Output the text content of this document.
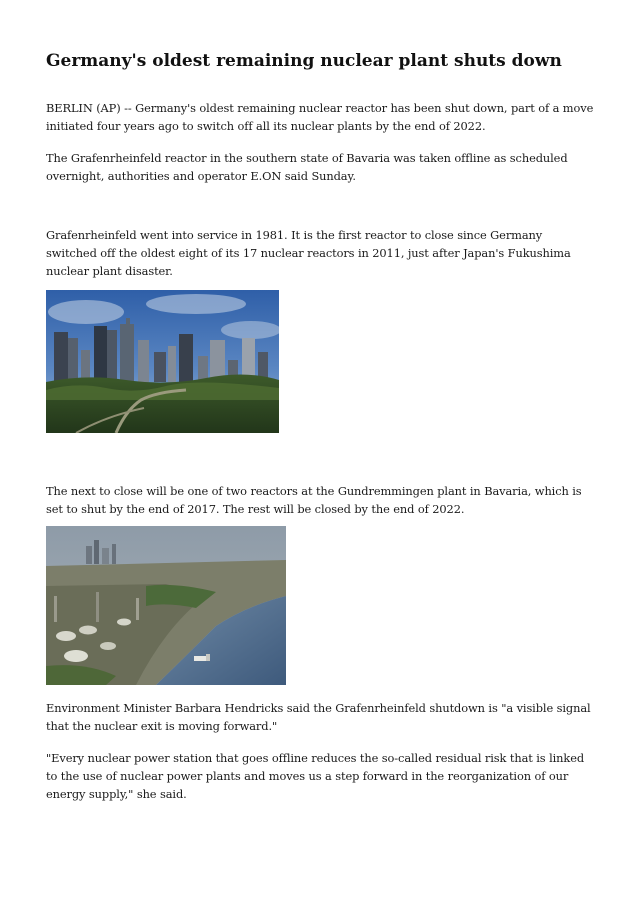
Germany's oldest remaining nuclear plant shuts down

BERLIN (AP) -- Germany's oldest remaining nuclear reactor has been shut down, part of a move initiated four years ago to switch off all its nuclear plants by the end of 2022.

The Grafenrheinfeld reactor in the southern state of Bavaria was taken offline as scheduled overnight, authorities and operator E.ON said Sunday.

Grafenrheinfeld went into service in 1981. It is the first reactor to close since Germany switched off the oldest eight of its 17 nuclear reactors in 2011, just after Japan's Fukushima nuclear plant disaster.

The next to close will be one of two reactors at the Gundremmingen plant in Bavaria, which is set to shut by the end of 2017. The rest will be closed by the end of 2022.

Environment Minister Barbara Hendricks said the Grafenrheinfeld shutdown is "a visible signal that the nuclear exit is moving forward."

"Every nuclear power station that goes offline reduces the so-called residual risk that is linked to the use of nuclear power plants and moves us a step forward in the reorganization of our energy supply," she said.
